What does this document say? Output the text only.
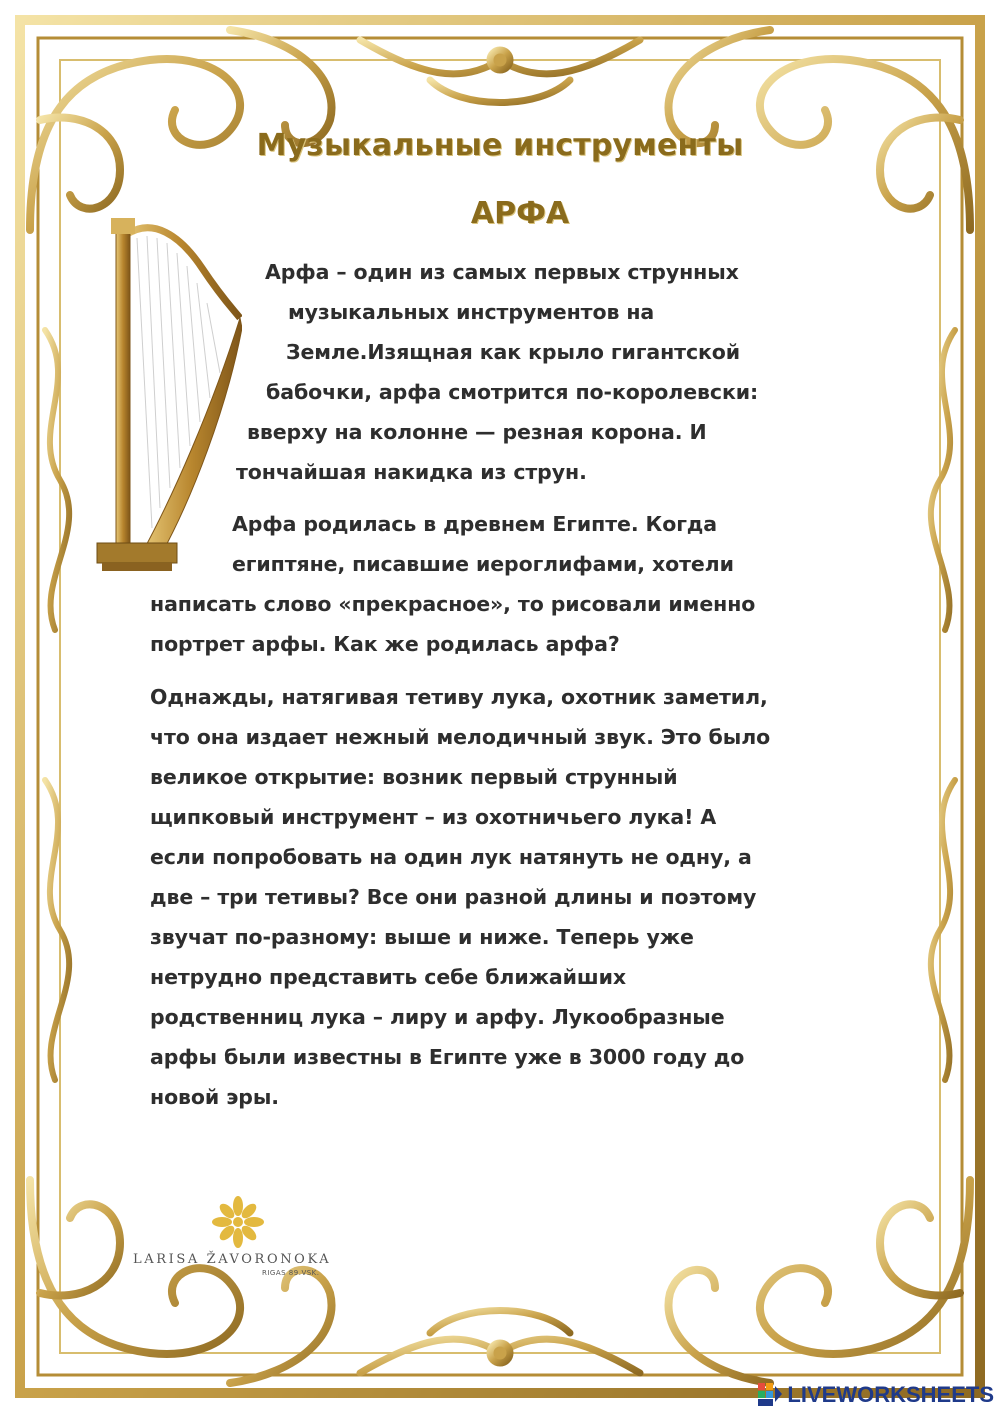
Музыкальные инструменты
АРФА

Арфа – один из самых первых струнных

музыкальных инструментов на

Земле.Изящная как крыло гигантской

бабочки, арфа смотрится по-королевски:

вверху на колонне — резная корона. И

тончайшая накидка из струн.

Арфа родилась в древнем Египте. Когда

египтяне, писавшие иероглифами, хотели

написать слово «прекрасное», то рисовали именно

портрет арфы. Как же родилась арфа?

Однажды, натягивая тетиву лука, охотник заметил,

что она издает нежный мелодичный звук. Это было

великое открытие: возник первый струнный

щипковый инструмент – из охотничьего лука! А

если попробовать на один лук натянуть не одну, а

две – три тетивы? Все они разной длины и поэтому

звучат по-разному: выше и ниже. Теперь уже

нетрудно представить себе ближайших

родственниц лука – лиру и арфу. Лукообразные

арфы были известны в Египте уже в 3000 году до

новой эры.

LARISA ŽAVORONOKA
RIGAS 89.VSK.
LIVEWORKSHEETS
